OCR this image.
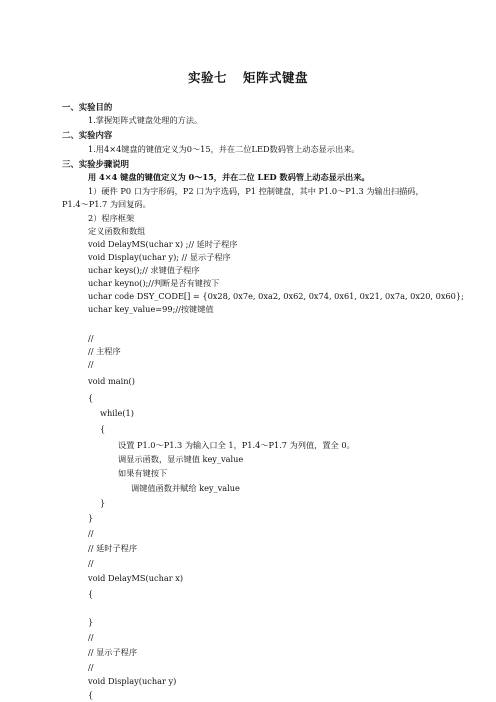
实验七 矩阵式键盘
一、实验目的
1.掌握矩阵式键盘处理的方法。
二、实验内容
1.用4×4键盘的键值定义为0～15，并在二位LED数码管上动态显示出来。
三、实验步骤说明
用 4×4 键盘的键值定义为 0～15，并在二位 LED 数码管上动态显示出来。
1）硬件 P0 口为字形码，P2 口为字选码，P1 控制键盘，其中 P1.0～P1.3 为输出扫描码，
P1.4～P1.7 为回复码。
2）程序框架
定义函数和数组
void DelayMS(uchar x) ;// 延时子程序
void Display(uchar y); // 显示子程序
uchar keys();// 求键值子程序
uchar keyno();//判断是否有键按下
uchar code DSY_CODE[] = {0x28, 0x7e, 0xa2, 0x62, 0x74, 0x61, 0x21, 0x7a, 0x20, 0x60};
uchar key_value=99;//按键键值
//
// 主程序
//
void main()
{
while(1)
{
设置 P1.0～P1.3 为输入口全 1，P1.4～P1.7 为列值，置全 0。
调显示函数，显示键值 key_value
如果有键按下
调键值函数并赋给 key_value
}
}
//
// 延时子程序
//
void DelayMS(uchar x)
{
}
//
// 显示子程序
//
void Display(uchar y)
{
